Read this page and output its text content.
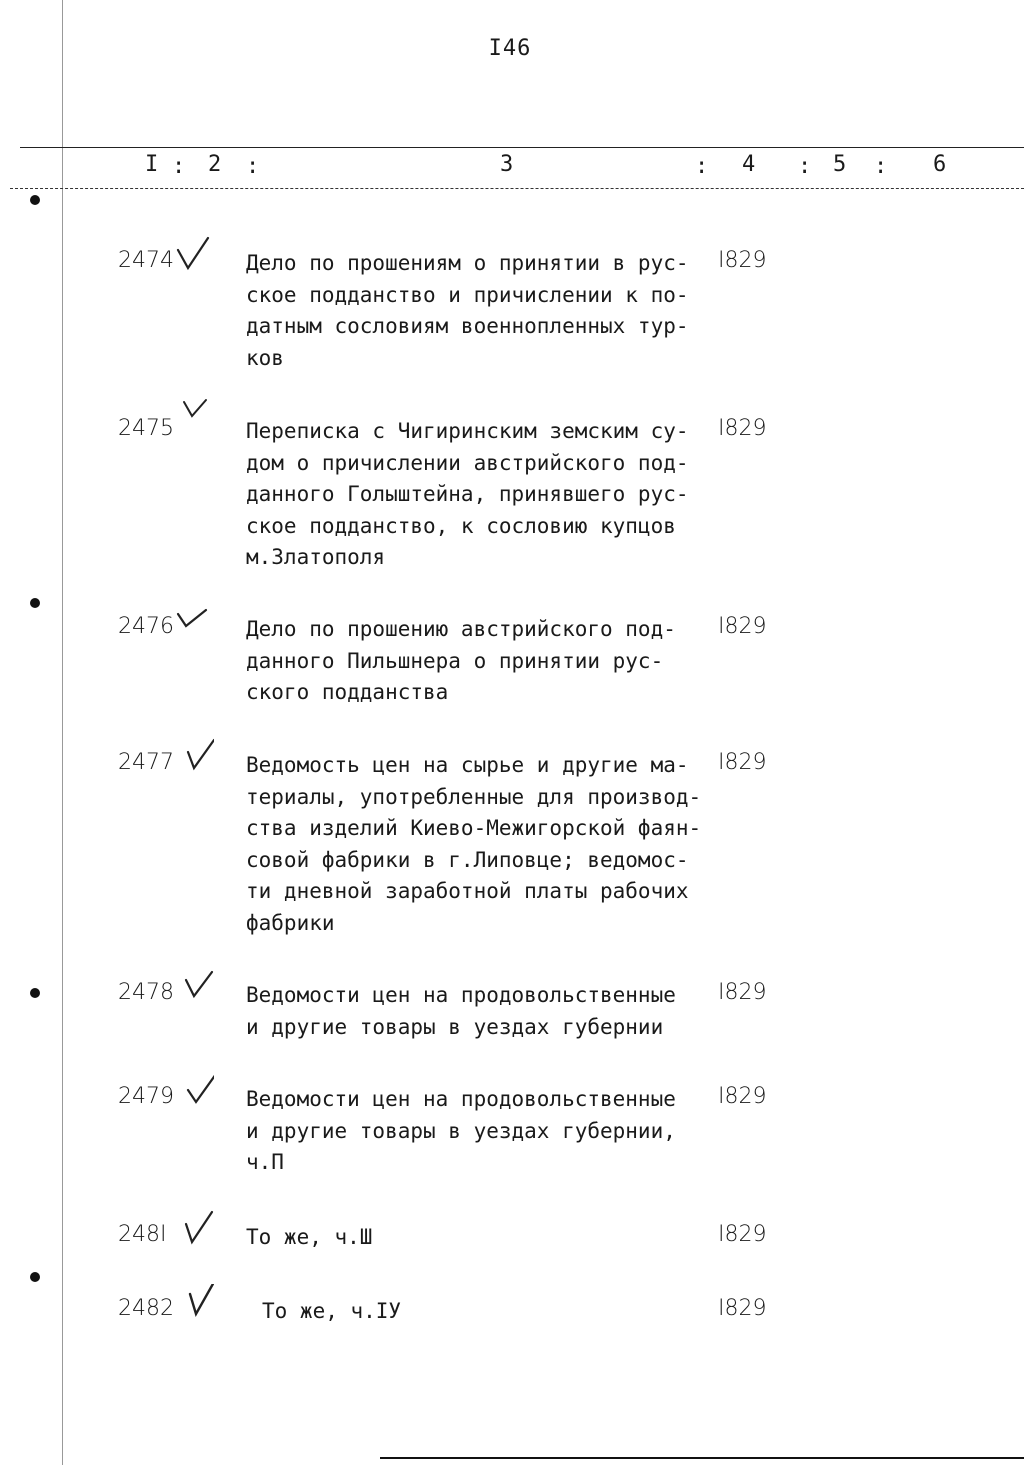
I46
I : 2 :	3	: 4 : 5 : 6
2474	Дело по прошениям о принятии в рус-
ское подданство и причислении к по-
датным сословиям военнопленных тур-
ков
I829
2475	Переписка с Чигиринским земским су-
дом о причислении австрийского под-
данного Голыштейна, принявшего рус-
ское подданство, к сословию купцов
м.Златополя
I829
2476	Дело по прошению австрийского под-
данного Пильшнера о принятии рус-
ского подданства
I829
2477	Ведомость цен на сырье и другие ма-
териалы, употребленные для производ-
ства изделий Киево-Межигорской фаян-
совой фабрики в г.Липовце; ведомос-
ти дневной заработной платы рабочих
фабрики
I829
2478	Ведомости цен на продовольственные
и другие товары в уездах губернии
I829
2479	Ведомости цен на продовольственные
и другие товары в уездах губернии,
ч.П
I829
248I	То же, ч.Ш	I829
2482	То же, ч.IУ	I829
